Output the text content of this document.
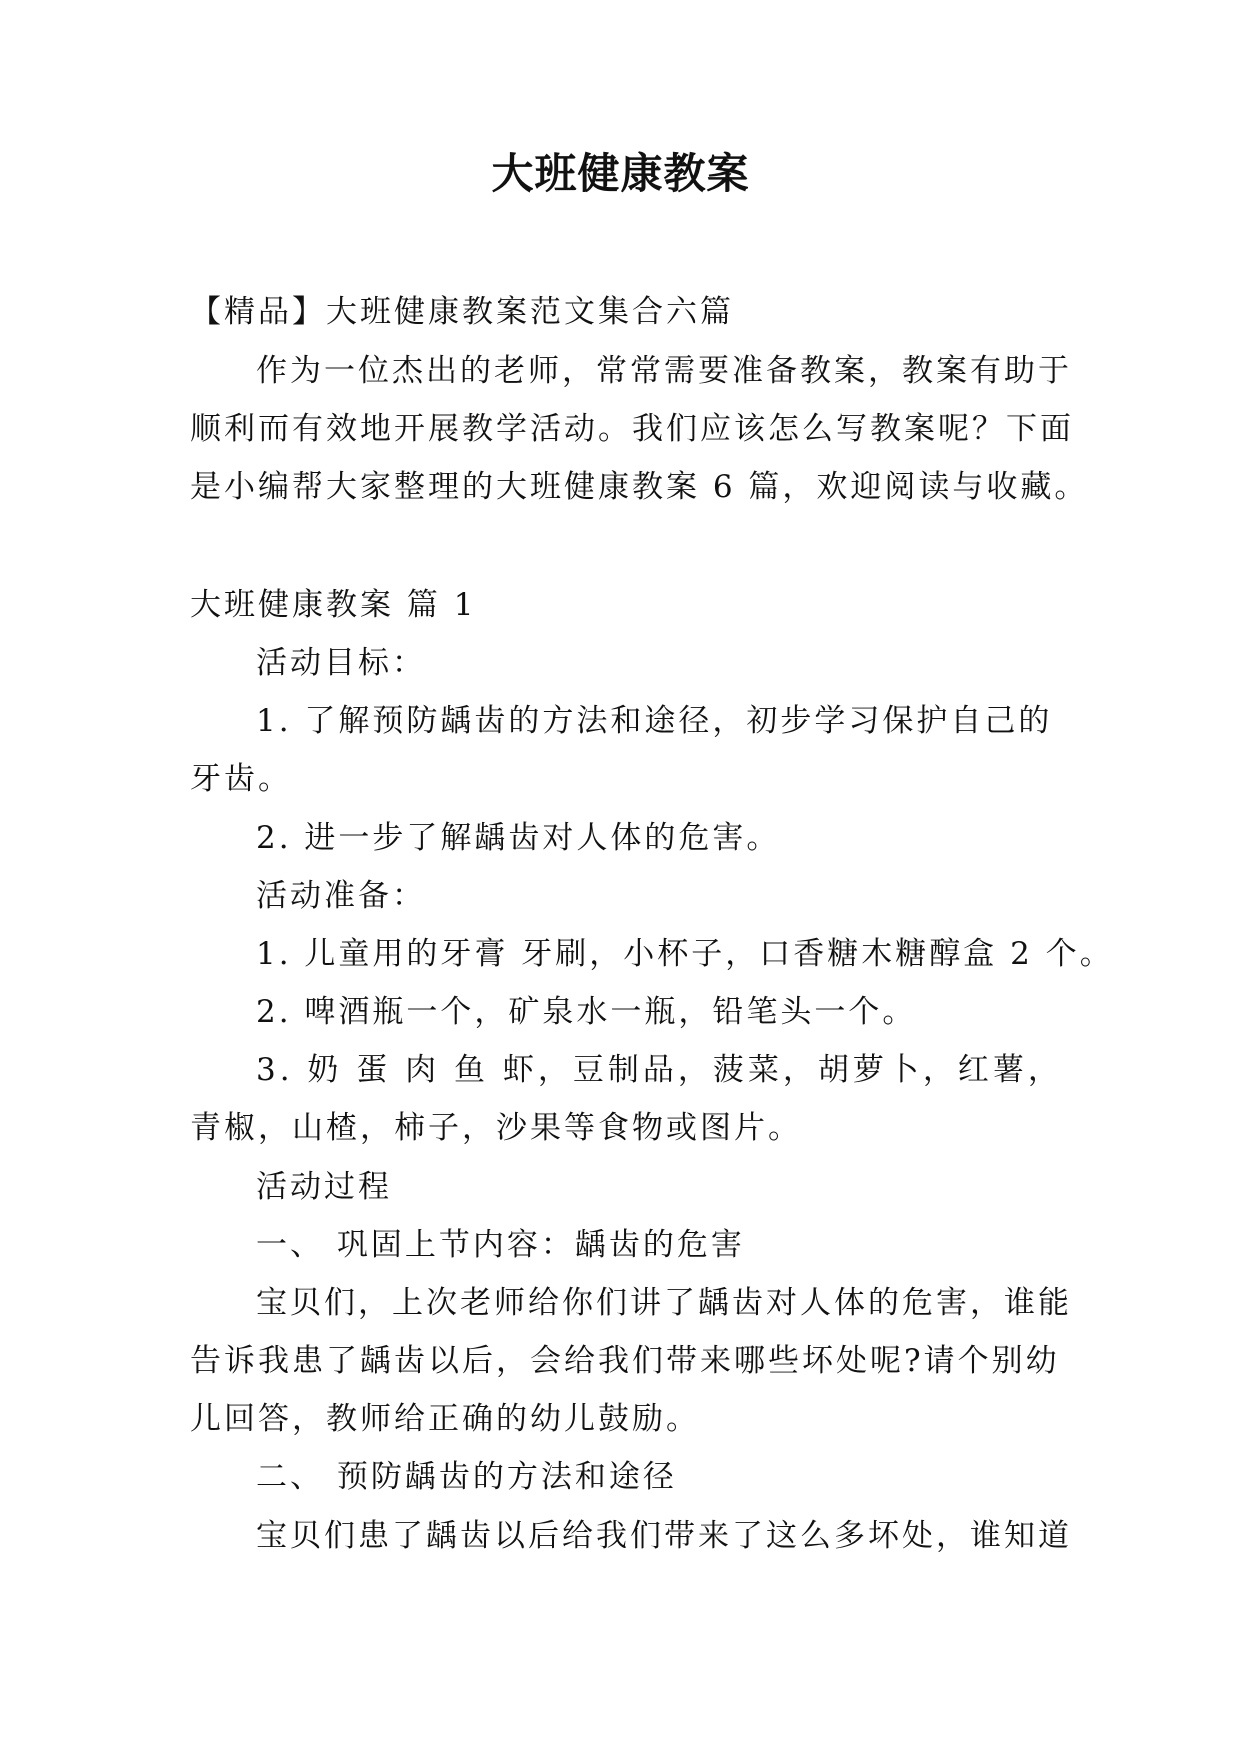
大班健康教案
【精品】大班健康教案范文集合六篇
作为一位杰出的老师，常常需要准备教案，教案有助于
顺利而有效地开展教学活动。我们应该怎么写教案呢？下面
是小编帮大家整理的大班健康教案 6 篇，欢迎阅读与收藏。
大班健康教案 篇 1
活动目标：
1. 了解预防龋齿的方法和途径，初步学习保护自己的
牙齿。
2. 进一步了解龋齿对人体的危害。
活动准备：
1. 儿童用的牙膏 牙刷，小杯子，口香糖木糖醇盒 2 个。
2. 啤酒瓶一个，矿泉水一瓶，铅笔头一个。
3. 奶 蛋 肉 鱼 虾，豆制品，菠菜，胡萝卜，红薯，
青椒，山楂，柿子，沙果等食物或图片。
活动过程
一、 巩固上节内容：龋齿的危害
宝贝们，上次老师给你们讲了龋齿对人体的危害，谁能
告诉我患了龋齿以后，会给我们带来哪些坏处呢?请个别幼
儿回答，教师给正确的幼儿鼓励。
二、 预防龋齿的方法和途径
宝贝们患了龋齿以后给我们带来了这么多坏处，谁知道
